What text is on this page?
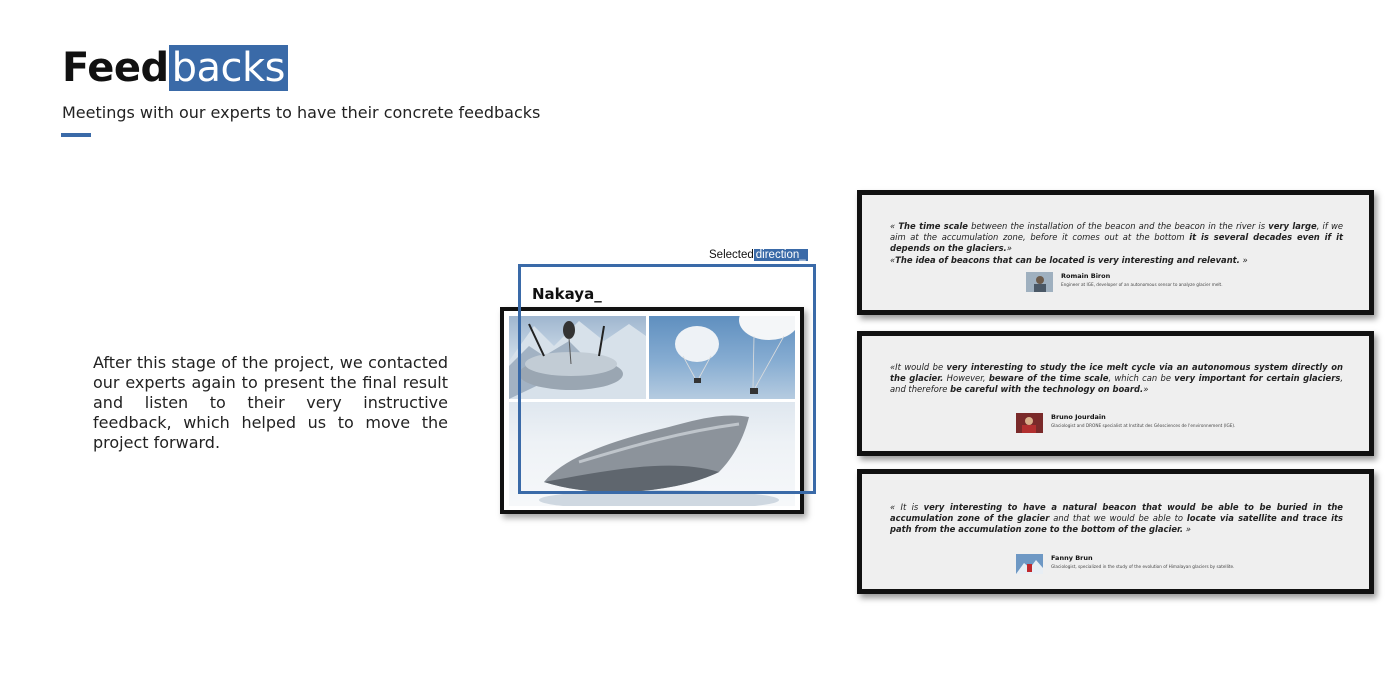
Feedbacks
Meetings with our experts to have their concrete feedbacks
After this stage of the project, we contacted our experts again to present the final result and listen to their very instructive feedback, which helped us to move the project forward.
Selected direction_
Nakaya_
« The time scale between the installation of the beacon and the beacon in the river is very large, if we aim at the accumulation zone, before it comes out at the bottom it is several decades even if it depends on the glaciers.»
«The idea of beacons that can be located is very interesting and relevant. »
Romain Biron
Engineer at IGE, developer of an autonomous sensor to analyze glacier melt.
«It would be very interesting to study the ice melt cycle via an autonomous system directly on the glacier. However, beware of the time scale, which can be very important for certain glaciers, and therefore be careful with the technology on board.»
Bruno Jourdain
Glaciologist and DRONE specialist at Institut des Géosciences de l'environnement (IGE).
« It is very interesting to have a natural beacon that would be able to be buried in the accumulation zone of the glacier and that we would be able to locate via satellite and trace its path from the accumulation zone to the bottom of the glacier. »
Fanny Brun
Glaciologist, specialized in the study of the evolution of Himalayan glaciers by satellite.
